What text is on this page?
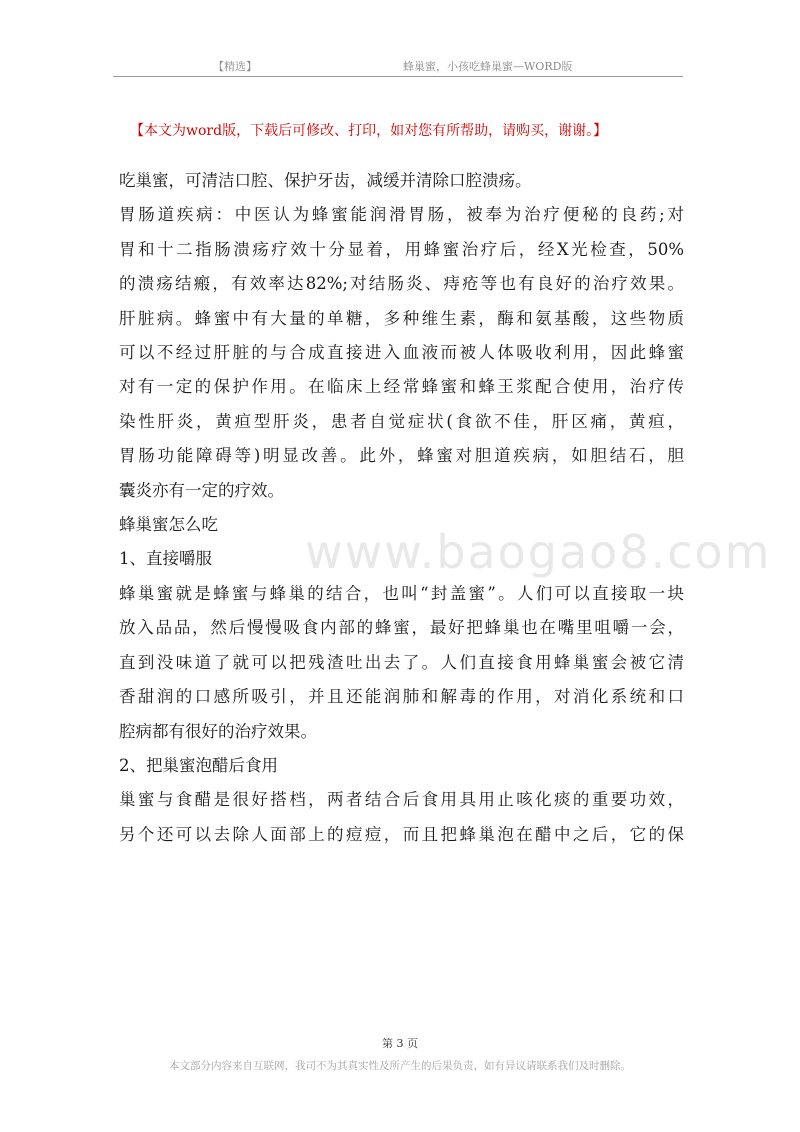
【精选】	蜂巢蜜，小孩吃蜂巢蜜—WORD版
【本文为word版，下载后可修改、打印，如对您有所帮助，请购买，谢谢。】
www.baogao8.com

吃巢蜜，可清洁口腔、保护牙齿，减缓并清除口腔溃疡。

胃肠道疾病：中医认为蜂蜜能润滑胃肠，被奉为治疗便秘的良药;对

胃和十二指肠溃疡疗效十分显着，用蜂蜜治疗后，经X光检查，50%

的溃疡结瘢，有效率达82%;对结肠炎、痔疮等也有良好的治疗效果。

肝脏病。蜂蜜中有大量的单糖，多种维生素，酶和氨基酸，这些物质

可以不经过肝脏的与合成直接进入血液而被人体吸收利用，因此蜂蜜

对有一定的保护作用。在临床上经常蜂蜜和蜂王浆配合使用，治疗传

染性肝炎，黄疸型肝炎，患者自觉症状(食欲不佳，肝区痛，黄疸，

胃肠功能障碍等)明显改善。此外，蜂蜜对胆道疾病，如胆结石，胆

囊炎亦有一定的疗效。

蜂巢蜜怎么吃

1、直接嚼服

蜂巢蜜就是蜂蜜与蜂巢的结合，也叫“封盖蜜”。人们可以直接取一块

放入品品，然后慢慢吸食内部的蜂蜜，最好把蜂巢也在嘴里咀嚼一会，

直到没味道了就可以把残渣吐出去了。人们直接食用蜂巢蜜会被它清

香甜润的口感所吸引，并且还能润肺和解毒的作用，对消化系统和口

腔病都有很好的治疗效果。

2、把巢蜜泡醋后食用

巢蜜与食醋是很好搭档，两者结合后食用具用止咳化痰的重要功效，

另个还可以去除人面部上的痘痘，而且把蜂巢泡在醋中之后，它的保

第 3 页
本文部分内容来自互联网，我司不为其真实性及所产生的后果负责，如有异议请联系我们及时删除。
